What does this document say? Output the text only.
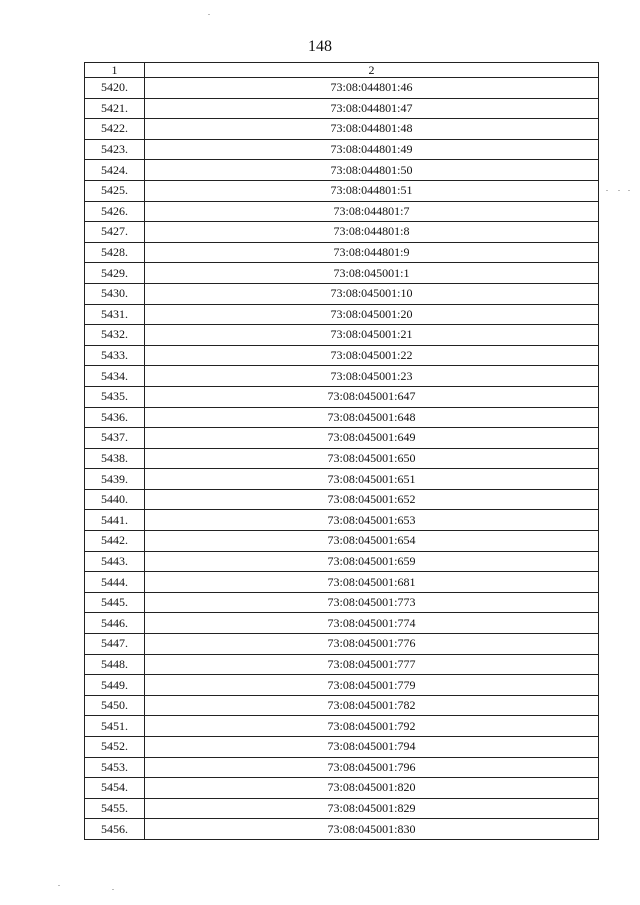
148
1	2
5420.	73:08:044801:46
5421.	73:08:044801:47
5422.	73:08:044801:48
5423.	73:08:044801:49
5424.	73:08:044801:50
5425.	73:08:044801:51
5426.	73:08:044801:7
5427.	73:08:044801:8
5428.	73:08:044801:9
5429.	73:08:045001:1
5430.	73:08:045001:10
5431.	73:08:045001:20
5432.	73:08:045001:21
5433.	73:08:045001:22
5434.	73:08:045001:23
5435.	73:08:045001:647
5436.	73:08:045001:648
5437.	73:08:045001:649
5438.	73:08:045001:650
5439.	73:08:045001:651
5440.	73:08:045001:652
5441.	73:08:045001:653
5442.	73:08:045001:654
5443.	73:08:045001:659
5444.	73:08:045001:681
5445.	73:08:045001:773
5446.	73:08:045001:774
5447.	73:08:045001:776
5448.	73:08:045001:777
5449.	73:08:045001:779
5450.	73:08:045001:782
5451.	73:08:045001:792
5452.	73:08:045001:794
5453.	73:08:045001:796
5454.	73:08:045001:820
5455.	73:08:045001:829
5456.	73:08:045001:830
